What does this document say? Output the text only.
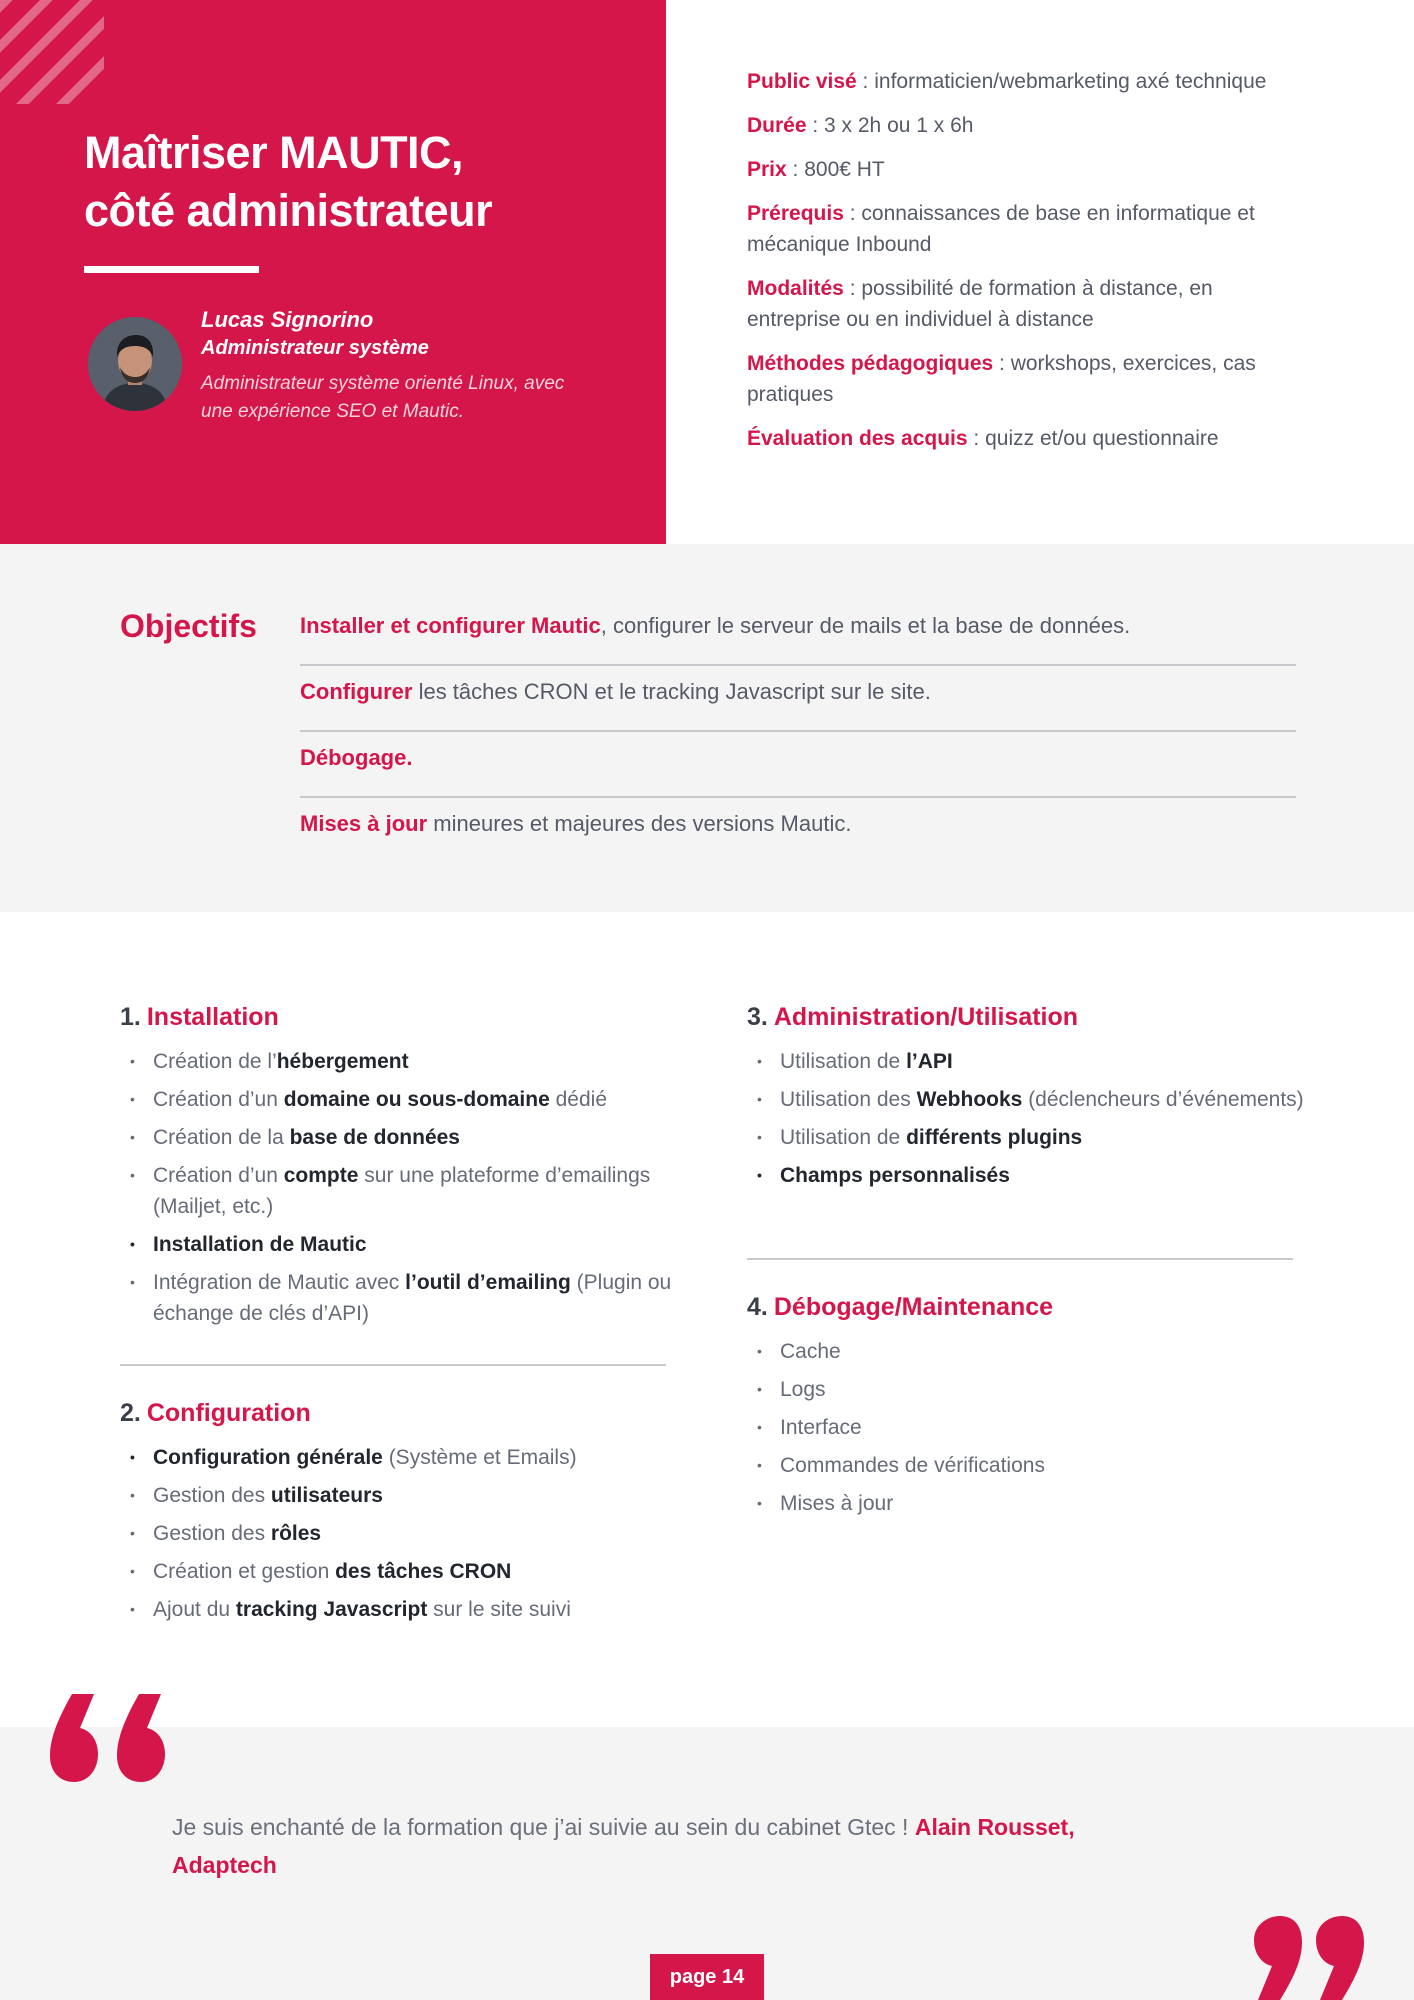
Maîtriser MAUTIC,
côté administrateur
Lucas Signorino
Administrateur système
Administrateur système orienté Linux, avec une expérience SEO et Mautic.
Public visé : informaticien/webmarketing axé technique
Durée : 3 x 2h ou 1 x 6h
Prix : 800€ HT
Prérequis : connaissances de base en informatique et mécanique Inbound
Modalités : possibilité de formation à distance, en entreprise ou en individuel à distance
Méthodes pédagogiques : workshops, exercices, cas pratiques
Évaluation des acquis : quizz et/ou questionnaire
Objectifs Installer et configurer Mautic, configurer le serveur de mails et la base de données.
Configurer les tâches CRON et le tracking Javascript sur le site.
Débogage.
Mises à jour mineures et majeures des versions Mautic.
1. Installation
• Création de l’hébergement
• Création d’un domaine ou sous-domaine dédié
• Création de la base de données
• Création d’un compte sur une plateforme d’emailings (Mailjet, etc.)
• Installation de Mautic
• Intégration de Mautic avec l’outil d’emailing (Plugin ou échange de clés d’API)
2. Configuration
• Configuration générale (Système et Emails)
• Gestion des utilisateurs
• Gestion des rôles
• Création et gestion des tâches CRON
• Ajout du tracking Javascript sur le site suivi
3. Administration/Utilisation
• Utilisation de l’API
• Utilisation des Webhooks (déclencheurs d’événements)
• Utilisation de différents plugins
• Champs personnalisés
4. Débogage/Maintenance
• Cache
• Logs
• Interface
• Commandes de vérifications
• Mises à jour
Je suis enchanté de la formation que j’ai suivie au sein du cabinet Gtec ! Alain Rousset, Adaptech
page 14
